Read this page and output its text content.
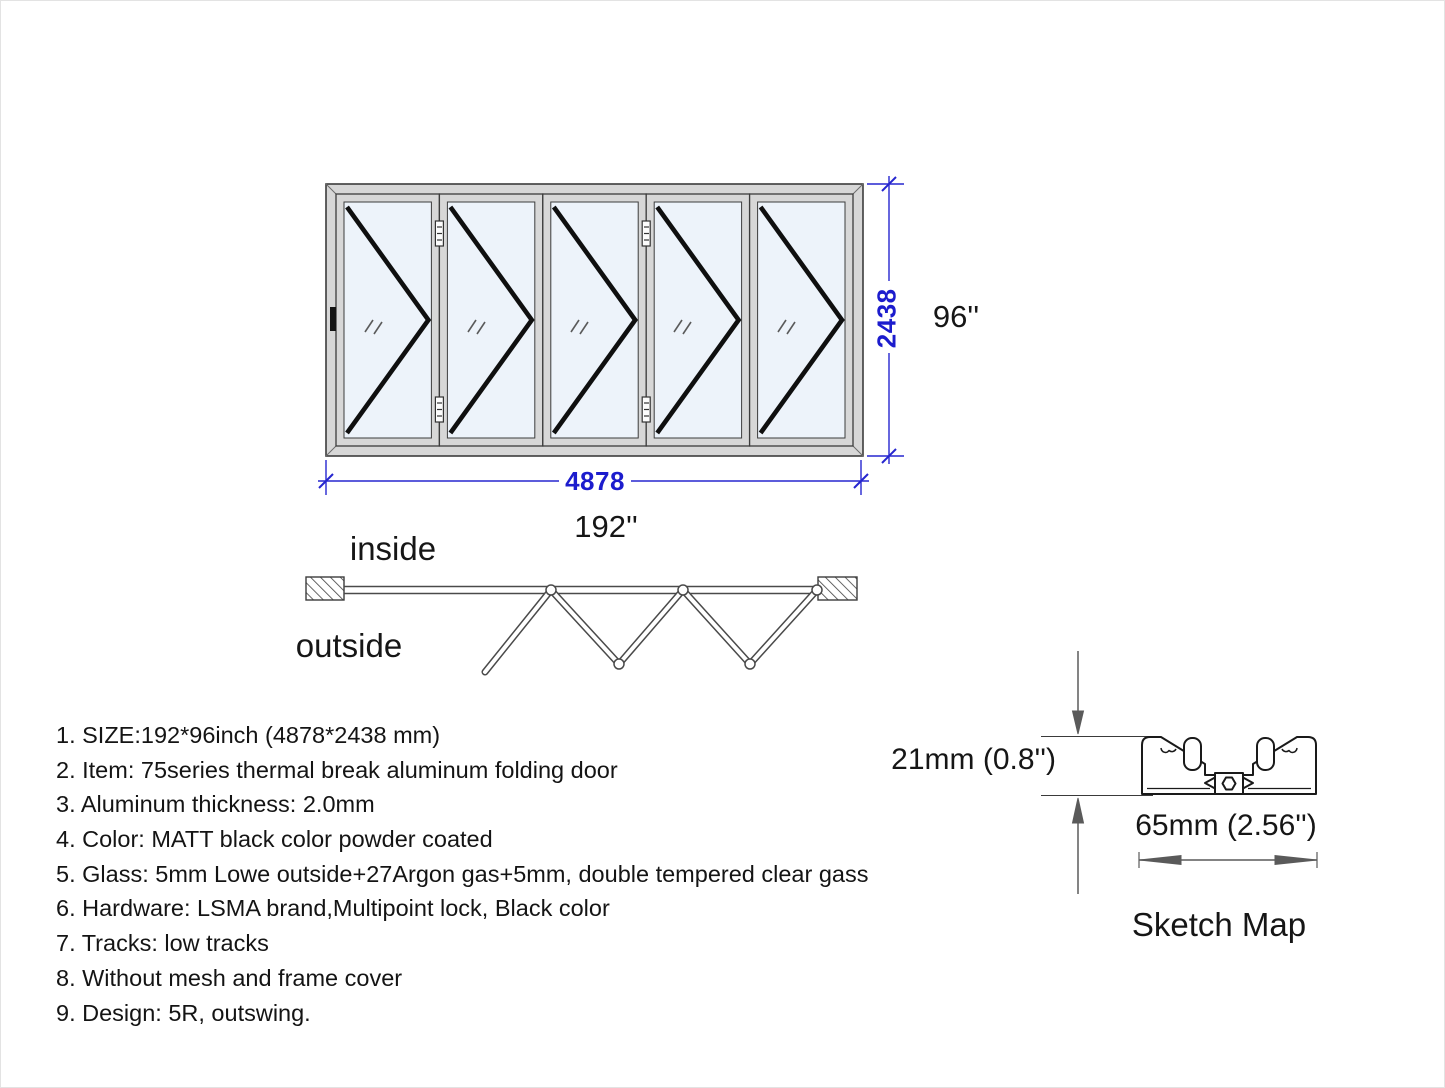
2438	96''
4878
192''
inside
outside
1. SIZE:192*96inch (4878*2438 mm)
2. Item: 75series thermal break aluminum folding door
3. Aluminum thickness: 2.0mm
4. Color: MATT black color powder coated
5. Glass: 5mm Lowe outside+27Argon gas+5mm, double tempered clear gass
6. Hardware: LSMA brand,Multipoint lock, Black color
7. Tracks: low tracks
8. Without mesh and frame cover
9. Design: 5R, outswing.
21mm (0.8'')
65mm (2.56'')
Sketch Map
